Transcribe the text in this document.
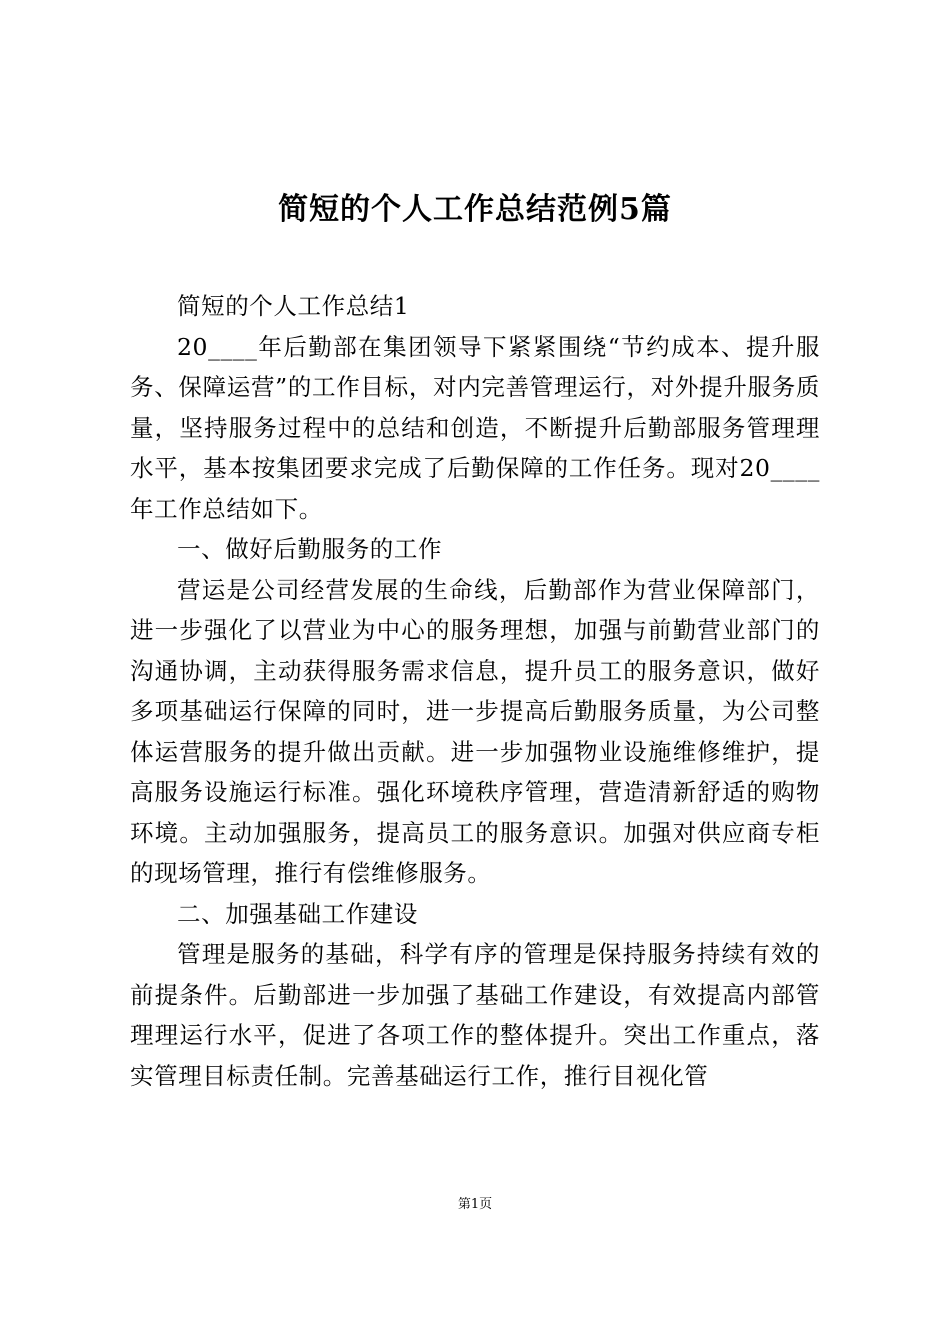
简短的个人工作总结范例5篇

简短的个人工作总结1

20____年后勤部在集团领导下紧紧围绕“节约成本、提升服务、保障运营”的工作目标，对内完善管理运行，对外提升服务质量，坚持服务过程中的总结和创造，不断提升后勤部服务管理理水平，基本按集团要求完成了后勤保障的工作任务。现对20____年工作总结如下。

一、做好后勤服务的工作

营运是公司经营发展的生命线，后勤部作为营业保障部门，进一步强化了以营业为中心的服务理想，加强与前勤营业部门的沟通协调，主动获得服务需求信息，提升员工的服务意识，做好多项基础运行保障的同时，进一步提高后勤服务质量，为公司整体运营服务的提升做出贡献。进一步加强物业设施维修维护，提高服务设施运行标准。强化环境秩序管理，营造清新舒适的购物环境。主动加强服务，提高员工的服务意识。加强对供应商专柜的现场管理，推行有偿维修服务。

二、加强基础工作建设

管理是服务的基础，科学有序的管理是保持服务持续有效的前提条件。后勤部进一步加强了基础工作建设，有效提高内部管理理运行水平，促进了各项工作的整体提升。突出工作重点，落实管理目标责任制。完善基础运行工作，推行目视化管

第1页
